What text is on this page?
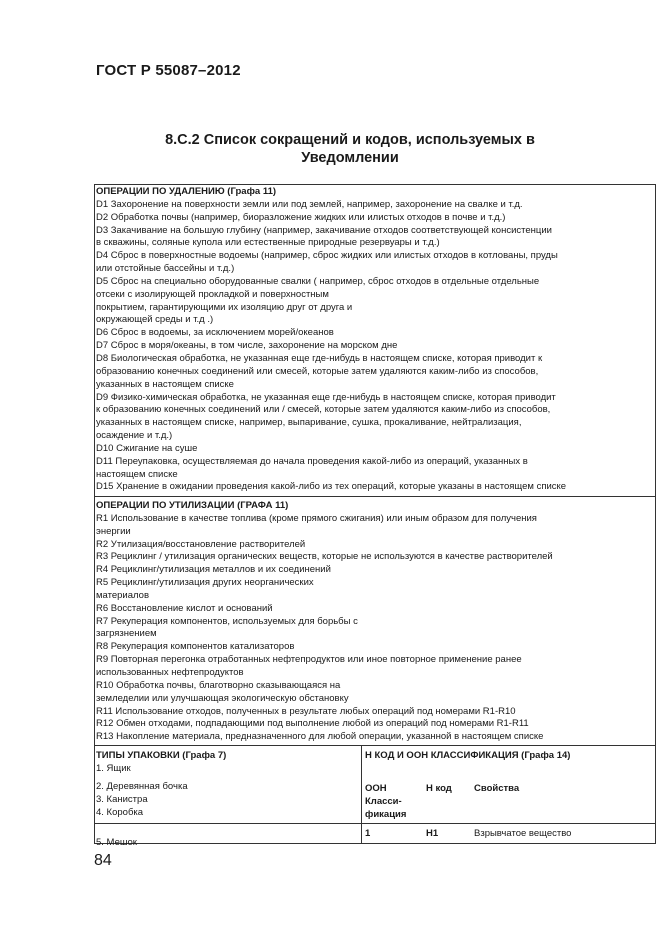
ГОСТ Р 55087–2012
8.С.2 Список сокращений и кодов, используемых в
Уведомлении
ОПЕРАЦИИ ПО УДАЛЕНИЮ (Графа 11)
D1 Захоронение на поверхности земли или под землей, например, захоронение на свалке и т.д.
D2 Обработка почвы (например, биоразложение жидких или илистых отходов в почве и т.д.)
D3 Закачивание на большую глубину (например, закачивание отходов соответствующей консистенции
в скважины, соляные купола или естественные природные резервуары и т.д.)
D4 Сброс в поверхностные водоемы (например, сброс жидких или илистых отходов в котлованы, пруды
или отстойные бассейны и т.д.)
D5 Сброс на специально оборудованные свалки ( например, сброс отходов в отдельные отдельные
отсеки с изолирующей прокладкой и поверхностным
покрытием, гарантирующими их изоляцию друг от друга и
окружающей среды и т.д .)
D6 Сброс в водоемы, за исключением морей/океанов
D7 Сброс в моря/океаны, в том числе, захоронение на морском дне
D8 Биологическая обработка, не указанная еще где-нибудь в настоящем списке, которая приводит к
образованию конечных соединений или смесей, которые затем удаляются каким-либо из способов,
указанных в настоящем списке
D9 Физико-химическая обработка, не указанная еще где-нибудь в настоящем списке, которая приводит
к образованию конечных соединений или / смесей, которые затем удаляются каким-либо из способов,
указанных в настоящем списке, например, выпаривание, сушка, прокаливание, нейтрализация,
осаждение и т.д.)
D10 Сжигание на суше
D11 Переупаковка, осуществляемая до начала проведения какой-либо из операций, указанных в
настоящем списке
D15 Хранение в ожидании проведения какой-либо из тех операций, которые указаны в настоящем списке
ОПЕРАЦИИ ПО УТИЛИЗАЦИИ (ГРАФА 11)
R1 Использование в качестве топлива (кроме прямого сжигания) или иным образом для получения
энергии
R2 Утилизация/восстановление растворителей
R3 Рециклинг / утилизация органических веществ, которые не используются в качестве растворителей
R4 Рециклинг/утилизация металлов и их соединений
R5 Рециклинг/утилизация других неорганических
материалов
R6 Восстановление кислот и оснований
R7 Рекуперация компонентов, используемых для борьбы с
загрязнением
R8 Рекуперация компонентов катализаторов
R9 Повторная перегонка отработанных нефтепродуктов или иное повторное применение ранее
использованных нефтепродуктов
R10 Обработка почвы, благотворно сказывающаяся на
земледелии или улучшающая экологическую обстановку
R11 Использование отходов, полученных в результате любых операций под номерами R1-R10
R12 Обмен отходами, подпадающими под выполнение любой из операций под номерами R1-R11
R13 Накопление материала, предназначенного для любой операции, указанной в настоящем списке
ТИПЫ УПАКОВКИ (Графа 7)
1. Ящик
2. Деревянная бочка
3. Канистра
4. Коробка
5. Мешок
Н КОД И ООН КЛАССИФИКАЦИЯ (Графа 14)
ООН
Класси-
фикация
Н код Свойства
1	Н1	Взрывчатое вещество
84
